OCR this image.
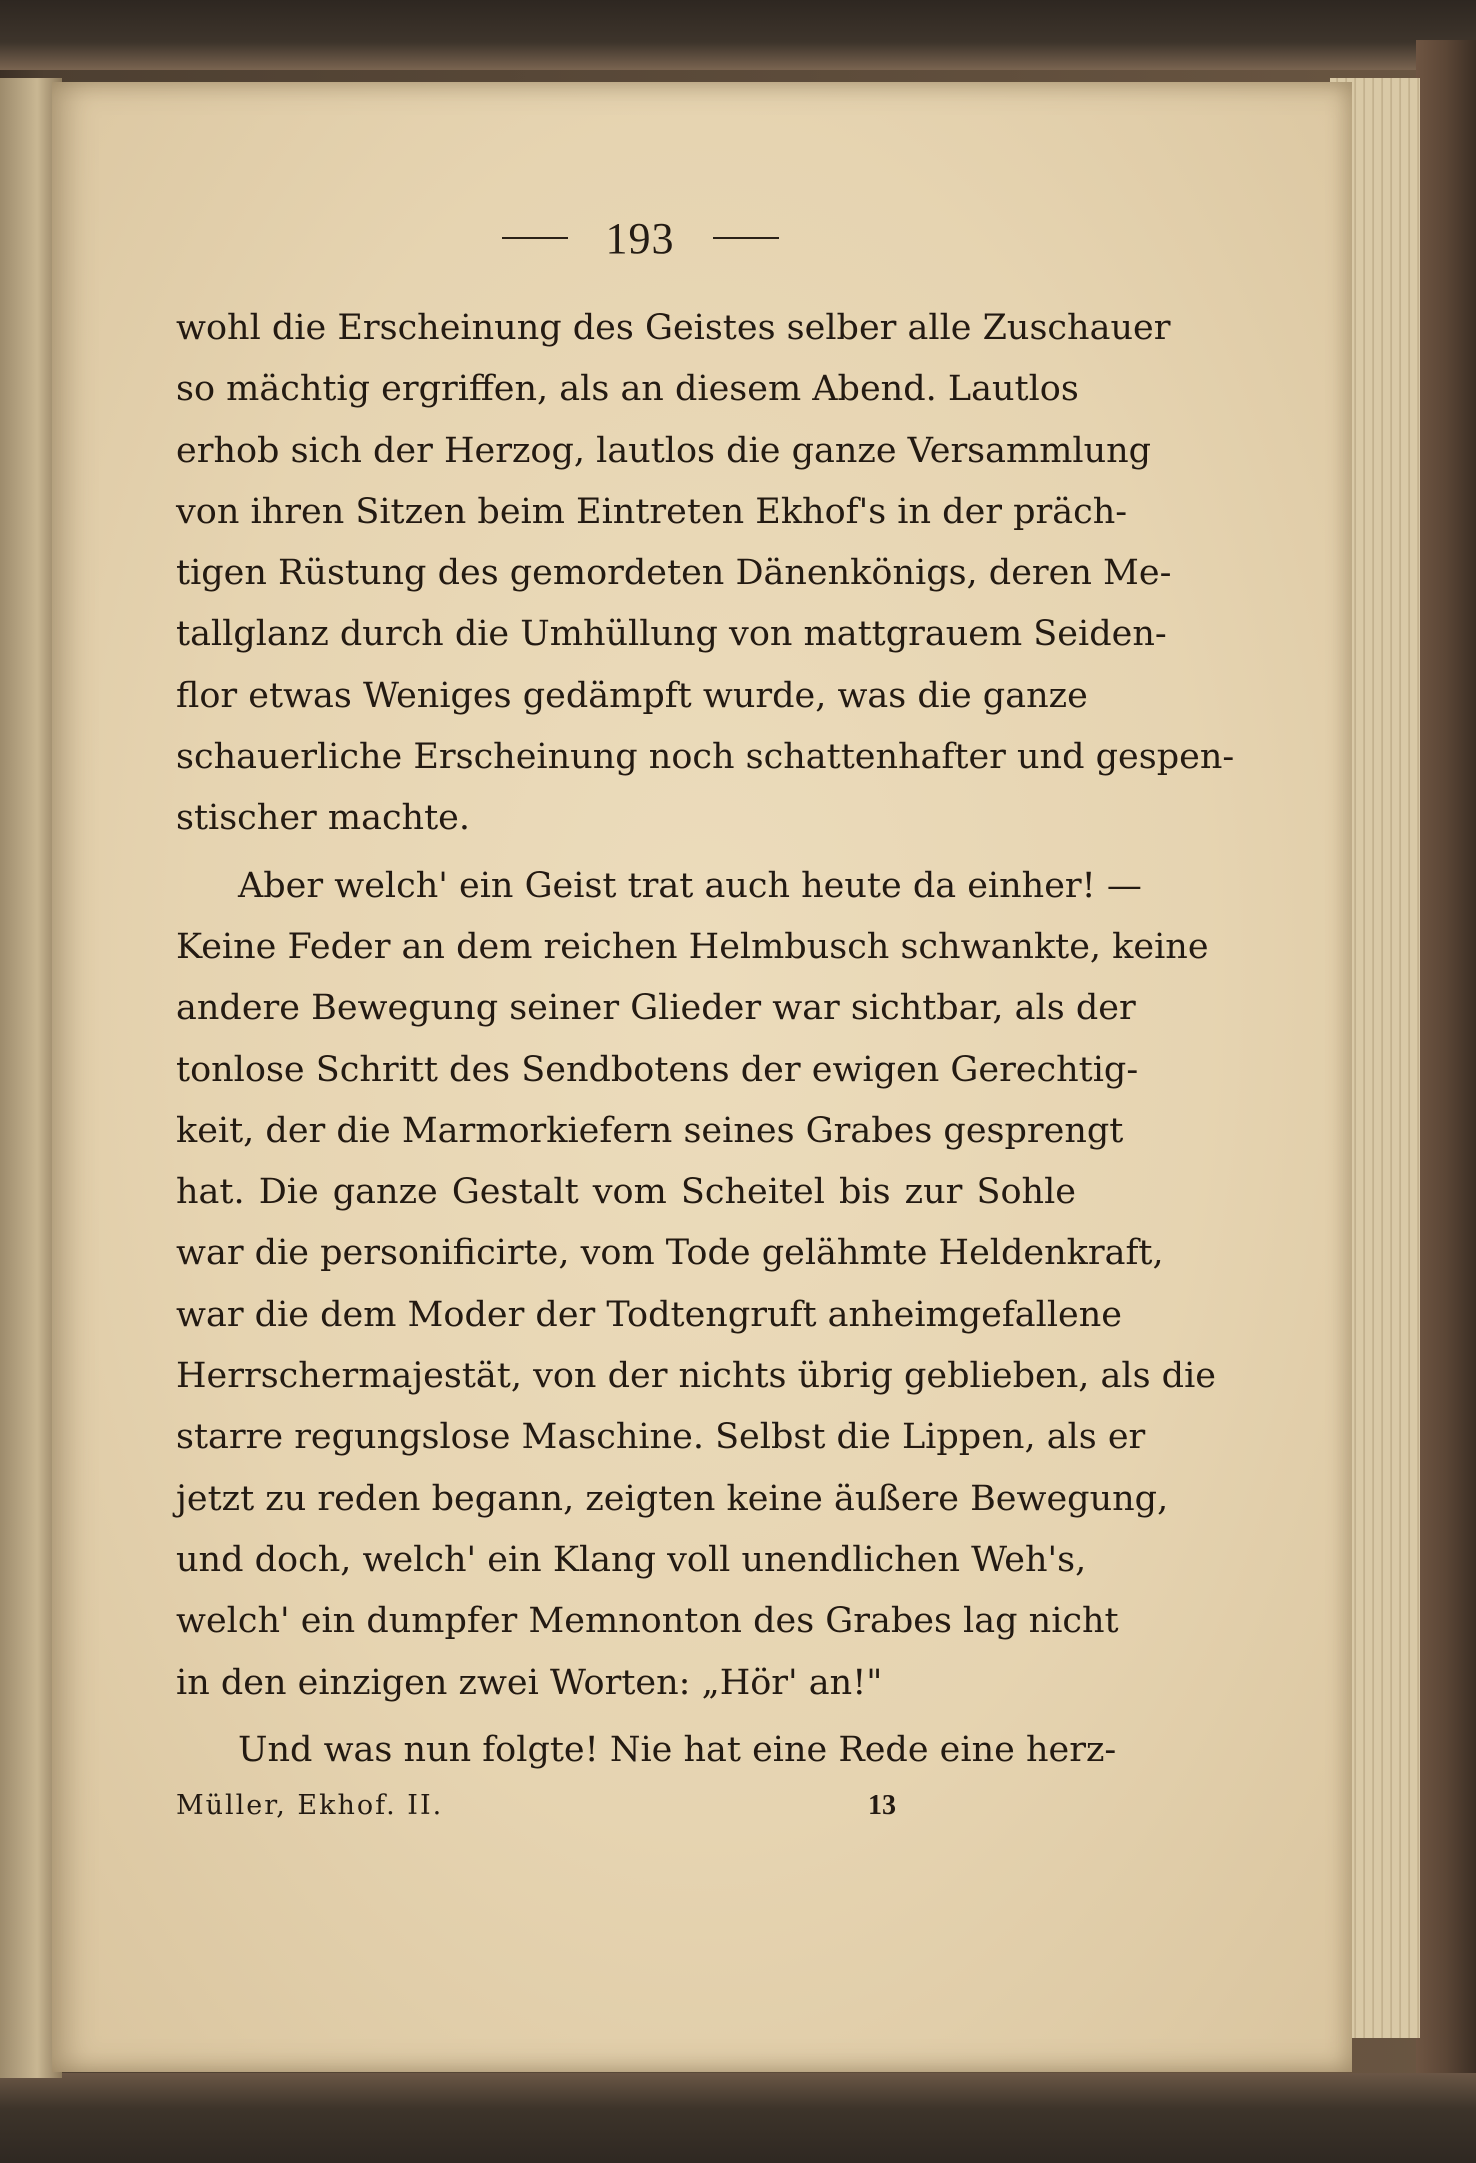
193
wohl die Erscheinung des Geistes selber alle Zuschauer
so mächtig ergriffen, als an diesem Abend. Lautlos
erhob sich der Herzog, lautlos die ganze Versammlung
von ihren Sitzen beim Eintreten Ekhof's in der präch-
tigen Rüstung des gemordeten Dänenkönigs, deren Me-
tallglanz durch die Umhüllung von mattgrauem Seiden-
flor etwas Weniges gedämpft wurde, was die ganze
schauerliche Erscheinung noch schattenhafter und gespen-
stischer machte.
Aber welch' ein Geist trat auch heute da einher! —
Keine Feder an dem reichen Helmbusch schwankte, keine
andere Bewegung seiner Glieder war sichtbar, als der
tonlose Schritt des Sendbotens der ewigen Gerechtig-
keit, der die Marmorkiefern seines Grabes gesprengt
hat. Die ganze Gestalt vom Scheitel bis zur Sohle
war die personificirte, vom Tode gelähmte Heldenkraft,
war die dem Moder der Todtengruft anheimgefallene
Herrschermajestät, von der nichts übrig geblieben, als die
starre regungslose Maschine. Selbst die Lippen, als er
jetzt zu reden begann, zeigten keine äußere Bewegung,
und doch, welch' ein Klang voll unendlichen Weh's,
welch' ein dumpfer Memnonton des Grabes lag nicht
in den einzigen zwei Worten: „Hör' an!"
Und was nun folgte! Nie hat eine Rede eine herz-
Müller, Ekhof. II.	13
